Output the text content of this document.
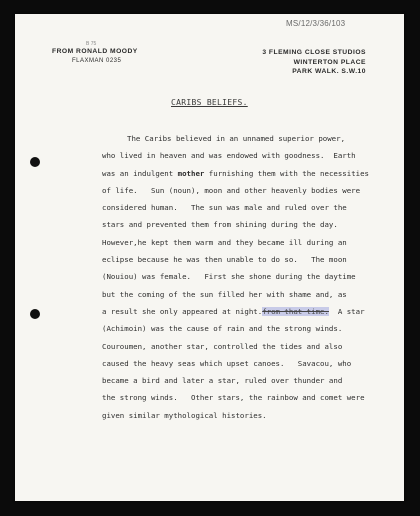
MS/12/3/36/103
B 75
FROM RONALD MOODY
FLAXMAN 0235
3 FLEMING CLOSE STUDIOS
WINTERTON PLACE
PARK WALK. S.W.10
CARIBS BELIEFS.
The Caribs believed in an unnamed superior power,
who lived in heaven and was endowed with goodness.  Earth
was an indulgent mother furnishing them with the necessities
of life.   Sun (noun), moon and other heavenly bodies were
considered human.   The sun was male and ruled over the
stars and prevented them from shining during the day.
However,he kept them warm and they became ill during an
eclipse because he was then unable to do so.   The moon
(Nouiou) was female.   First she shone during the daytime
but the coming of the sun filled her with shame and, as
a result she only appeared at night.from that time.  A star
(Achimoin) was the cause of rain and the strong winds.
Couroumen, another star, controlled the tides and also
caused the heavy seas which upset canoes.   Savacou, who
became a bird and later a star, ruled over thunder and
the strong winds.   Other stars, the rainbow and comet were
given similar mythological histories.
